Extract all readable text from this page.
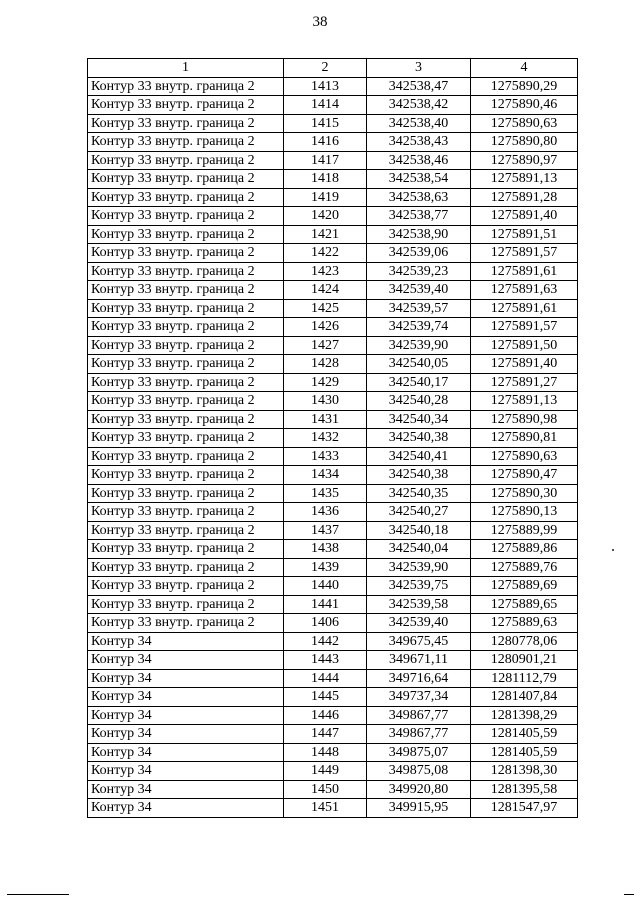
38
1	2	3	4
Контур 33 внутр. граница 2	1413	342538,47	1275890,29
Контур 33 внутр. граница 2	1414	342538,42	1275890,46
Контур 33 внутр. граница 2	1415	342538,40	1275890,63
Контур 33 внутр. граница 2	1416	342538,43	1275890,80
Контур 33 внутр. граница 2	1417	342538,46	1275890,97
Контур 33 внутр. граница 2	1418	342538,54	1275891,13
Контур 33 внутр. граница 2	1419	342538,63	1275891,28
Контур 33 внутр. граница 2	1420	342538,77	1275891,40
Контур 33 внутр. граница 2	1421	342538,90	1275891,51
Контур 33 внутр. граница 2	1422	342539,06	1275891,57
Контур 33 внутр. граница 2	1423	342539,23	1275891,61
Контур 33 внутр. граница 2	1424	342539,40	1275891,63
Контур 33 внутр. граница 2	1425	342539,57	1275891,61
Контур 33 внутр. граница 2	1426	342539,74	1275891,57
Контур 33 внутр. граница 2	1427	342539,90	1275891,50
Контур 33 внутр. граница 2	1428	342540,05	1275891,40
Контур 33 внутр. граница 2	1429	342540,17	1275891,27
Контур 33 внутр. граница 2	1430	342540,28	1275891,13
Контур 33 внутр. граница 2	1431	342540,34	1275890,98
Контур 33 внутр. граница 2	1432	342540,38	1275890,81
Контур 33 внутр. граница 2	1433	342540,41	1275890,63
Контур 33 внутр. граница 2	1434	342540,38	1275890,47
Контур 33 внутр. граница 2	1435	342540,35	1275890,30
Контур 33 внутр. граница 2	1436	342540,27	1275890,13
Контур 33 внутр. граница 2	1437	342540,18	1275889,99
Контур 33 внутр. граница 2	1438	342540,04	1275889,86
Контур 33 внутр. граница 2	1439	342539,90	1275889,76
Контур 33 внутр. граница 2	1440	342539,75	1275889,69
Контур 33 внутр. граница 2	1441	342539,58	1275889,65
Контур 33 внутр. граница 2	1406	342539,40	1275889,63
Контур 34	1442	349675,45	1280778,06
Контур 34	1443	349671,11	1280901,21
Контур 34	1444	349716,64	1281112,79
Контур 34	1445	349737,34	1281407,84
Контур 34	1446	349867,77	1281398,29
Контур 34	1447	349867,77	1281405,59
Контур 34	1448	349875,07	1281405,59
Контур 34	1449	349875,08	1281398,30
Контур 34	1450	349920,80	1281395,58
Контур 34	1451	349915,95	1281547,97
